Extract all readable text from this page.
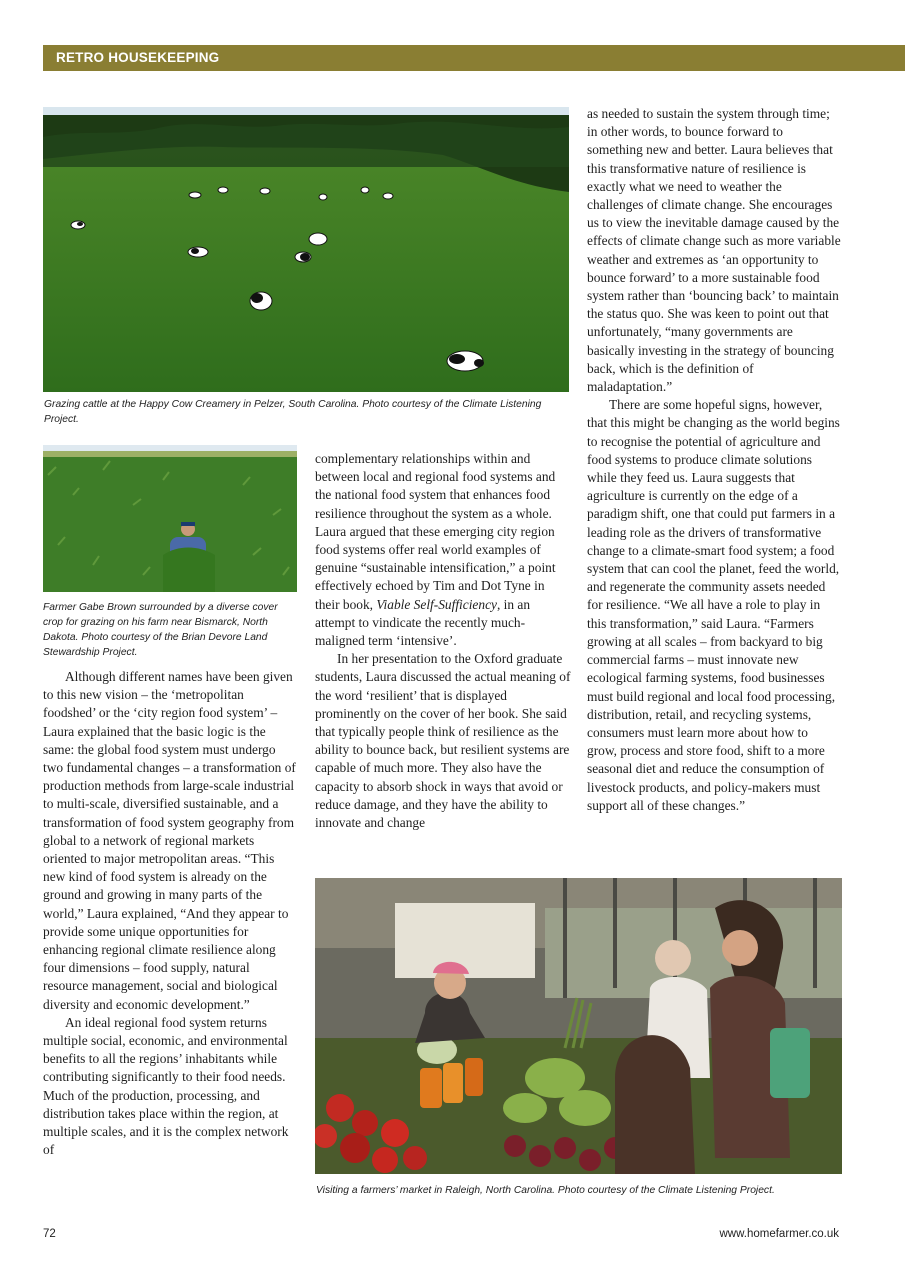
RETRO HOUSEKEEPING
Grazing cattle at the Happy Cow Creamery in Pelzer, South Carolina. Photo courtesy of the Climate Listening Project.
Farmer Gabe Brown surrounded by a diverse cover crop for grazing on his farm near Bismarck, North Dakota. Photo courtesy of the Brian Devore Land Stewardship Project.

Although different names have been given to this new vision – the ‘metropolitan foodshed’ or the ‘city region food system’ – Laura explained that the basic logic is the same: the global food system must undergo two fundamental changes – a transformation of production methods from large-scale industrial to multi-scale, diversified sustainable, and a transformation of food system geography from global to a network of regional markets oriented to major metropolitan areas. “This new kind of food system is already on the ground and growing in many parts of the world,” Laura explained, “And they appear to provide some unique opportunities for enhancing regional climate resilience along four dimensions – food supply, natural resource management, social and biological diversity and economic development.”

An ideal regional food system returns multiple social, economic, and environmental benefits to all the regions’ inhabitants while contributing significantly to their food needs. Much of the production, processing, and distribution takes place within the region, at multiple scales, and it is the complex network of

complementary relationships within and between local and regional food systems and the national food system that enhances food resilience throughout the system as a whole. Laura argued that these emerging city region food systems offer real world examples of genuine “sustainable intensification,” a point effectively echoed by Tim and Dot Tyne in their book, Viable Self-Sufficiency, in an attempt to vindicate the recently much-maligned term ‘intensive’.

In her presentation to the Oxford graduate students, Laura discussed the actual meaning of the word ‘resilient’ that is displayed prominently on the cover of her book. She said that typically people think of resilience as the ability to bounce back, but resilient systems are capable of much more. They also have the capacity to absorb shock in ways that avoid or reduce damage, and they have the ability to innovate and change

as needed to sustain the system through time; in other words, to bounce forward to something new and better. Laura believes that this transformative nature of resilience is exactly what we need to weather the challenges of climate change. She encourages us to view the inevitable damage caused by the effects of climate change such as more variable weather and extremes as ‘an opportunity to bounce forward’ to a more sustainable food system rather than ‘bouncing back’ to maintain the status quo. She was keen to point out that unfortunately, “many governments are basically investing in the strategy of bouncing back, which is the definition of maladaptation.”

There are some hopeful signs, however, that this might be changing as the world begins to recognise the potential of agriculture and food systems to produce climate solutions while they feed us. Laura suggests that agriculture is currently on the edge of a paradigm shift, one that could put farmers in a leading role as the drivers of transformative change to a climate-smart food system; a food system that can cool the planet, feed the world, and regenerate the community assets needed for resilience. “We all have a role to play in this transformation,” said Laura. “Farmers growing at all scales – from backyard to big commercial farms – must innovate new ecological farming systems, food businesses must build regional and local food processing, distribution, retail, and recycling systems, consumers must learn more about how to grow, process and store food, shift to a more seasonal diet and reduce the consumption of livestock products, and policy-makers must support all of these changes.”

Visiting a farmers’ market in Raleigh, North Carolina. Photo courtesy of the Climate Listening Project.
72	www.homefarmer.co.uk
